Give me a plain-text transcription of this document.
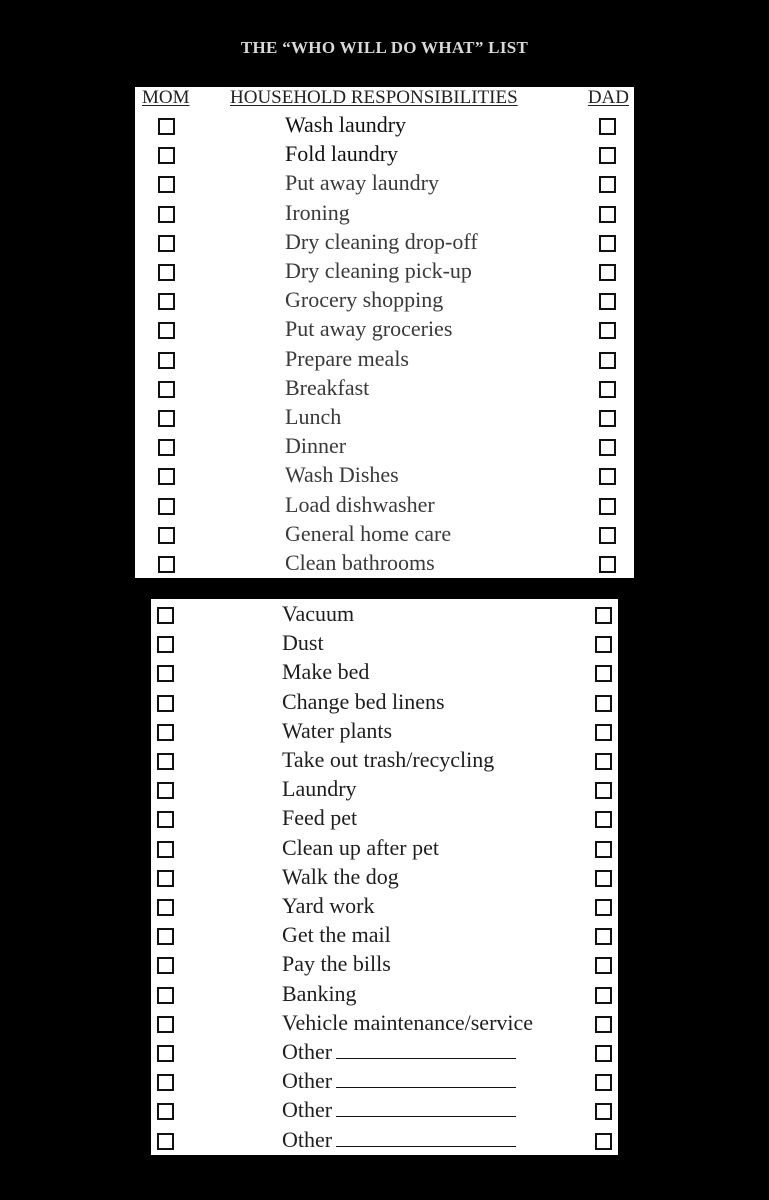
THE “WHO WILL DO WHAT” LIST
MOM HOUSEHOLD RESPONSIBILITIES	DAD
Wash laundry
Fold laundry
Put away laundry
Ironing
Dry cleaning drop-off
Dry cleaning pick-up
Grocery shopping
Put away groceries
Prepare meals
Breakfast
Lunch
Dinner
Wash Dishes
Load dishwasher
General home care
Clean bathrooms
Vacuum
Dust
Make bed
Change bed linens
Water plants
Take out trash/recycling
Laundry
Feed pet
Clean up after pet
Walk the dog
Yard work
Get the mail
Pay the bills
Banking
Vehicle maintenance/service
Other
Other
Other
Other
